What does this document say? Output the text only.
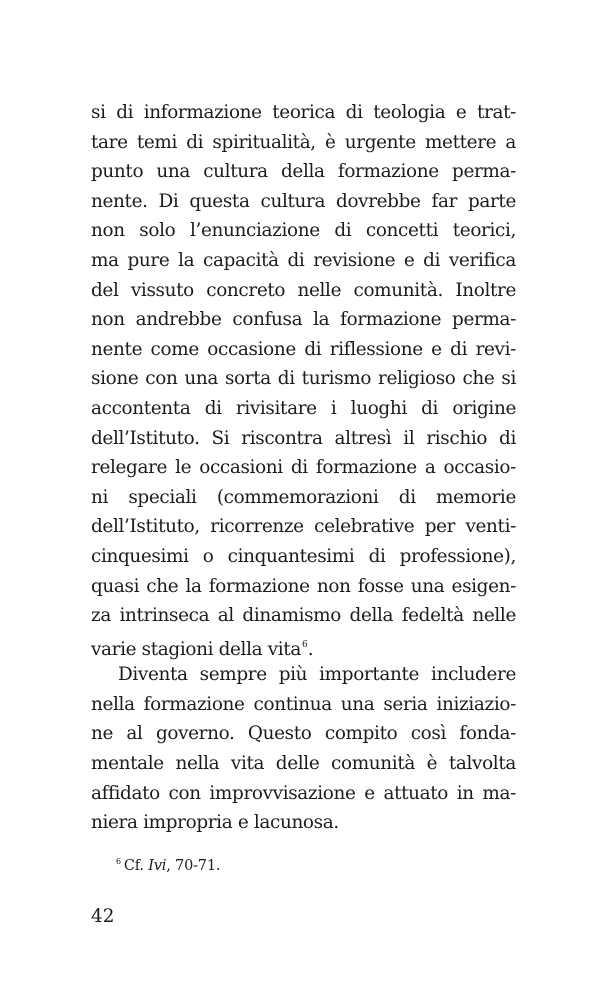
si di informazione teorica di teologia e trat-
tare temi di spiritualità, è urgente mettere a
punto una cultura della formazione perma-
nente. Di questa cultura dovrebbe far parte
non solo l’enunciazione di concetti teorici,
ma pure la capacità di revisione e di verifica
del vissuto concreto nelle comunità. Inoltre
non andrebbe confusa la formazione perma-
nente come occasione di riflessione e di revi-
sione con una sorta di turismo religioso che si
accontenta di rivisitare i luoghi di origine
dell’Istituto. Si riscontra altresì il rischio di
relegare le occasioni di formazione a occasio-
ni speciali (commemorazioni di memorie
dell’Istituto, ricorrenze celebrative per venti-
cinquesimi o cinquantesimi di professione),
quasi che la formazione non fosse una esigen-
za intrinseca al dinamismo della fedeltà nelle
varie stagioni della vita$^6$.
Diventa sempre più importante includere
nella formazione continua una seria iniziazio-
ne al governo. Questo compito così fonda-
mentale nella vita delle comunità è talvolta
affidato con improvvisazione e attuato in ma-
niera impropria e lacunosa.
$^6$ Cf. Ivi, 70-71.
42
